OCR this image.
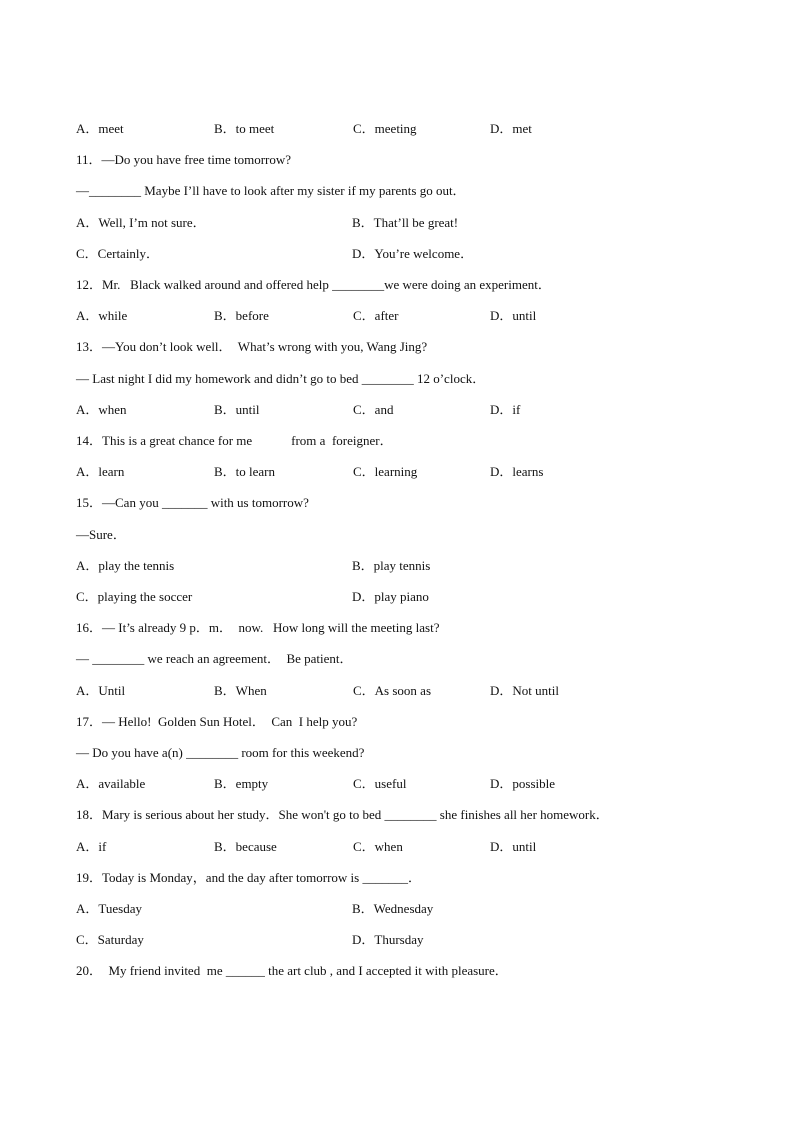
A．meet	B．to meet	C．meeting	D．met
11．—Do you have free time tomorrow?
—________ Maybe I’ll have to look after my sister if my parents go out．
A．Well, I’m not sure．	B．That’ll be great!
C．Certainly．	D．You’re welcome．
12．Mr.   Black walked around and offered help ________we were doing an experiment．
A．while	B．before	C．after	D．until
13．—You don’t look well．  What’s wrong with you, Wang Jing?
— Last night I did my homework and didn’t go to bed ________ 12 o’clock．
A．when	B．until	C．and	D．if
14．This is a great chance for me            from a  foreigner．
A．learn	B．to learn	C．learning	D．learns
15．—Can you _______ with us tomorrow?
—Sure．
A．play the tennis	B．play tennis
C．playing the soccer	D．play piano
16．— It’s already 9 p．m．  now.   How long will the meeting last?
— ________ we reach an agreement．  Be patient．
A．Until	B．When	C．As soon as	D．Not until
17．— Hello!  Golden Sun Hotel．  Can  I help you?
— Do you have a(n) ________ room for this weekend?
A．available	B．empty	C．useful	D．possible
18．Mary is serious about her study．She won't go to bed ________ she finishes all her homework．
A．if	B．because	C．when	D．until
19．Today is Monday，and the day after tomorrow is _______．
A．Tuesday	B．Wednesday
C．Saturday	D．Thursday
20．  My friend invited  me ______ the art club , and I accepted it with pleasure．
